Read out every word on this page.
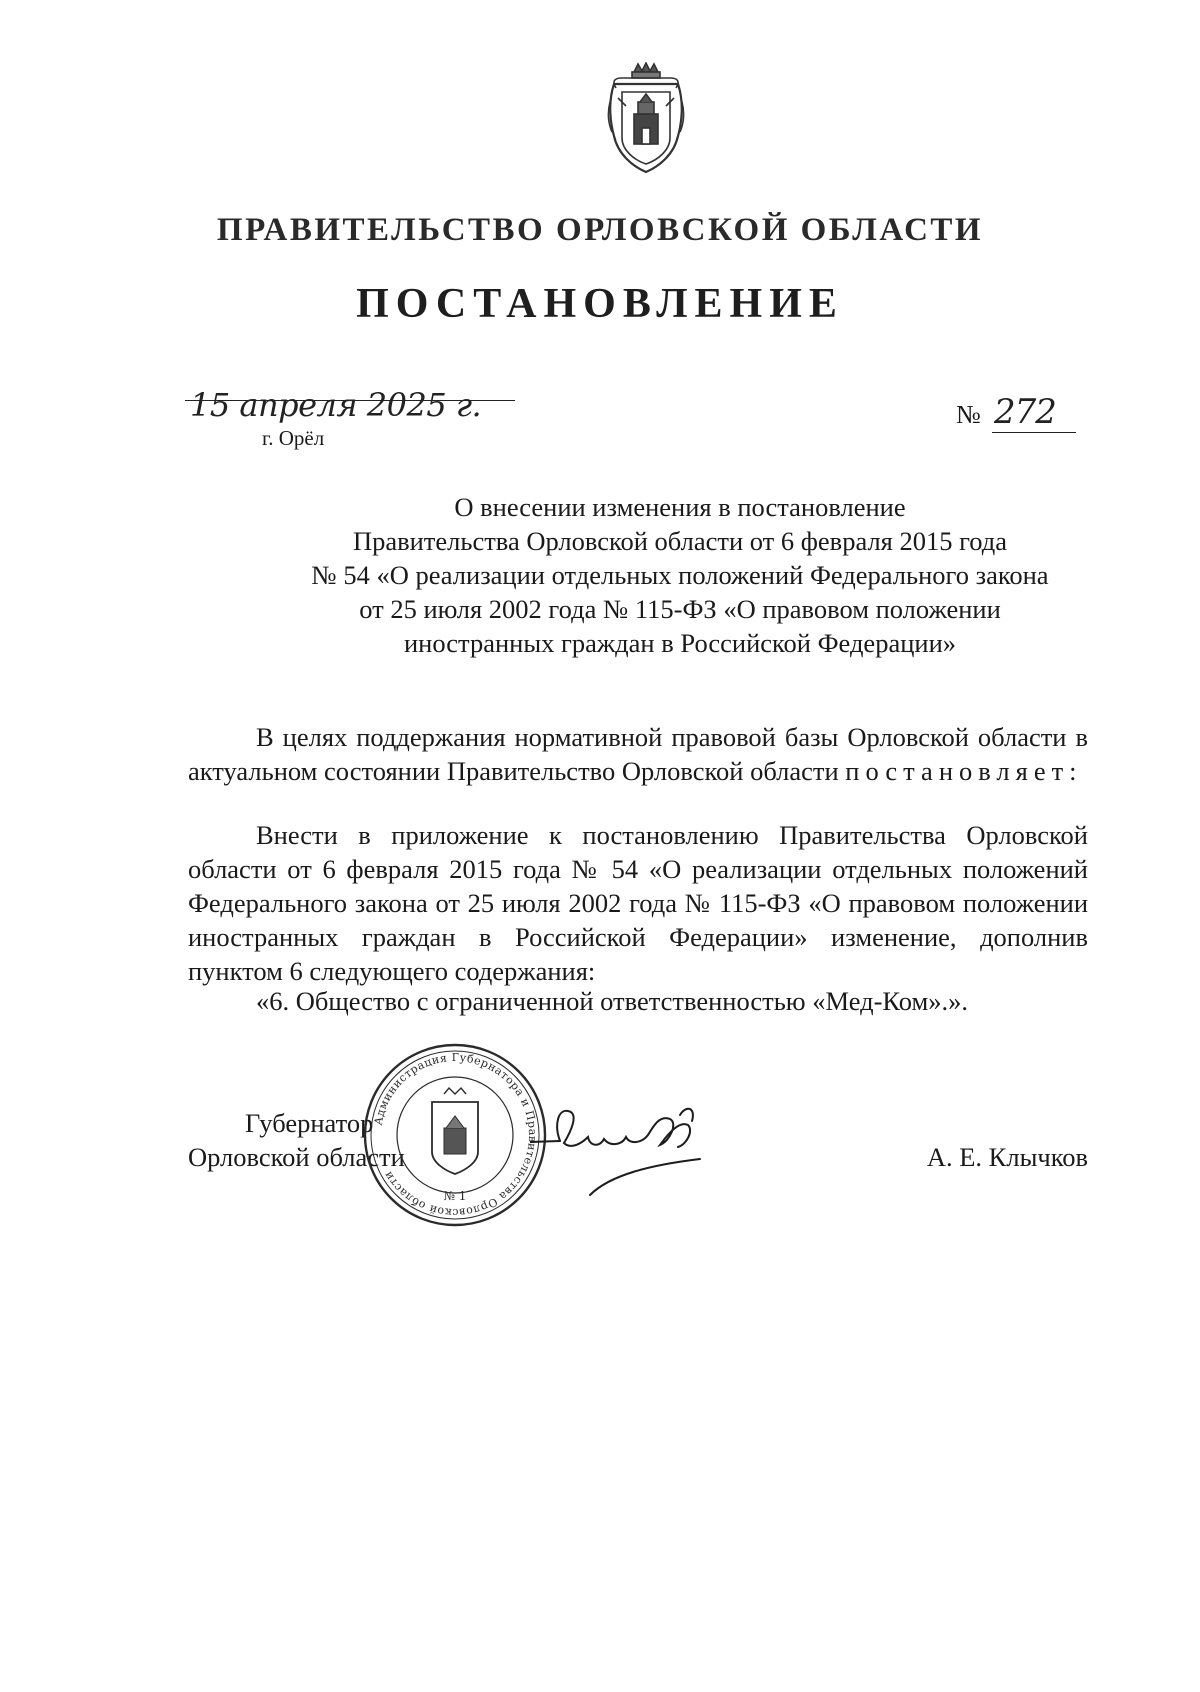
ПРАВИТЕЛЬСТВО ОРЛОВСКОЙ ОБЛАСТИ
ПОСТАНОВЛЕНИЕ
15 апреля 2025 г.
г. Орёл
№ 272
О внесении изменения в постановление
Правительства Орловской области от 6 февраля 2015 года
№ 54 «О реализации отдельных положений Федерального закона
от 25 июля 2002 года № 115-ФЗ «О правовом положении
иностранных граждан в Российской Федерации»
В целях поддержания нормативной правовой базы Орловской области в актуальном состоянии Правительство Орловской области постановляет:
Внести в приложение к постановлению Правительства Орловской области от 6 февраля 2015 года № 54 «О реализации отдельных положений Федерального закона от 25 июля 2002 года № 115-ФЗ «О правовом положении иностранных граждан в Российской Федерации» изменение, дополнив пунктом 6 следующего содержания:
«6. Общество с ограниченной ответственностью «Мед-Ком».».
Губернатор
Орловской области	А. Е. Клычков
Администрация Губернатора и Правительства Орловской области
№ 1
